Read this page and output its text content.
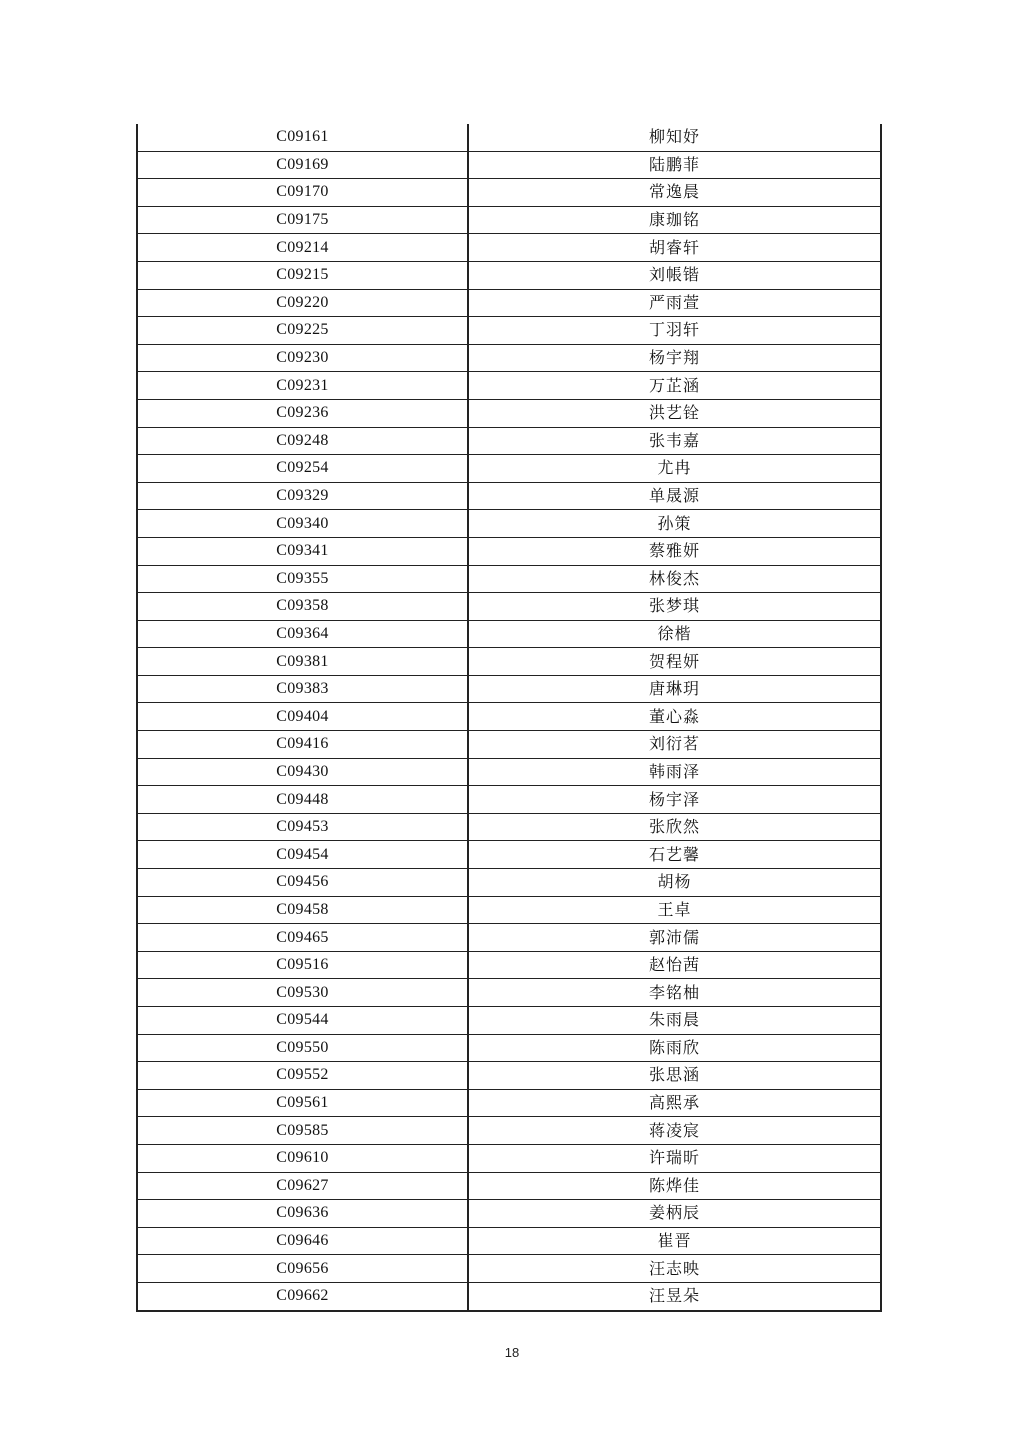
C09161	柳知妤
C09169	陆鹏菲
C09170	常逸晨
C09175	康珈铭
C09214	胡睿轩
C09215	刘帳锴
C09220	严雨萱
C09225	丁羽轩
C09230	杨宇翔
C09231	万芷涵
C09236	洪艺铨
C09248	张韦嘉
C09254	尤冉
C09329	单晟源
C09340	孙策
C09341	蔡雅妍
C09355	林俊杰
C09358	张梦琪
C09364	徐楷
C09381	贺程妍
C09383	唐琳玥
C09404	董心淼
C09416	刘衍茗
C09430	韩雨泽
C09448	杨宇泽
C09453	张欣然
C09454	石艺馨
C09456	胡杨
C09458	王卓
C09465	郭沛儒
C09516	赵怡茜
C09530	李铭柚
C09544	朱雨晨
C09550	陈雨欣
C09552	张思涵
C09561	高熙承
C09585	蒋凌宸
C09610	许瑞昕
C09627	陈烨佳
C09636	姜柄辰
C09646	崔晋
C09656	汪志映
C09662	汪昱朵
18
